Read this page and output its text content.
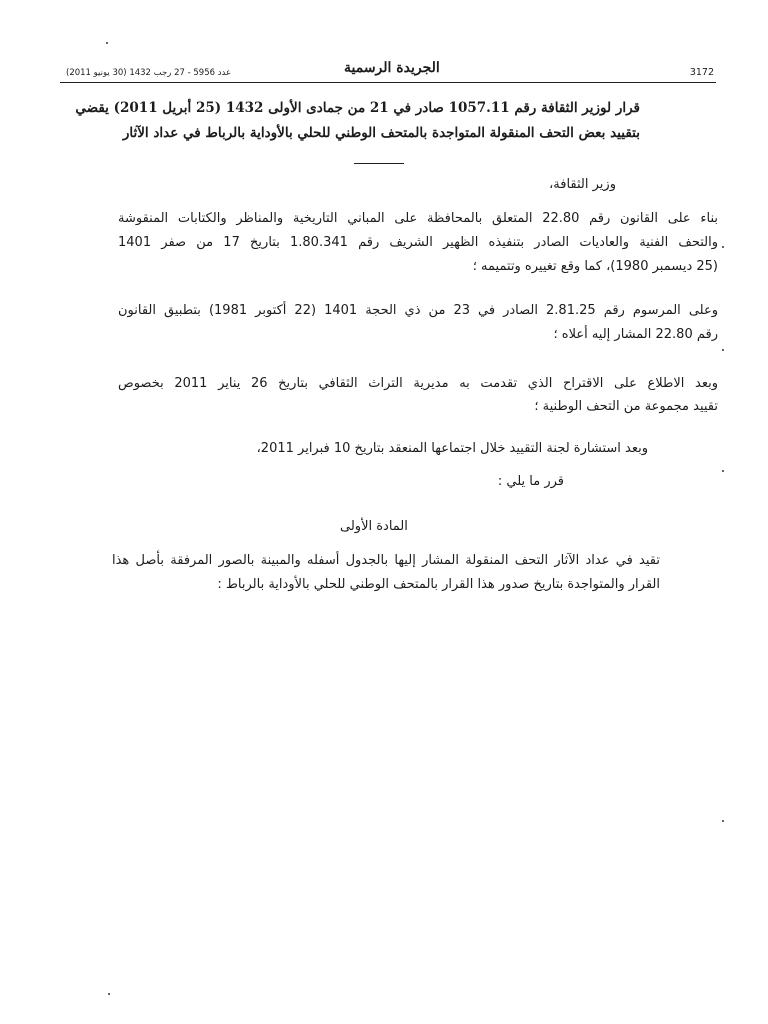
عدد 5956 - 27 رجب 1432 (30 يونيو 2011)	الجريدة الرسمية	3172
قرار لوزير الثقافة رقم 1057.11 صادر في 21 من جمادى الأولى 1432 (25 أبريل 2011) يقضي
بتقييد بعض التحف المنقولة المتواجدة بالمتحف الوطني للحلي بالأوداية بالرباط في عداد الآثار
وزير الثقافة،
بناء على القانون رقم 22.80 المتعلق بالمحافظة على المباني التاريخية والمناظر والكتابات المنقوشة
والتحف الفنية والعاديات الصادر بتنفيذه الظهير الشريف رقم 1.80.341 بتاريخ 17 من صفر 1401
(25 ديسمبر 1980)، كما وقع تغييره وتتميمه ؛
وعلى المرسوم رقم 2.81.25 الصادر في 23 من ذي الحجة 1401 (22 أكتوبر 1981) بتطبيق القانون
رقم 22.80 المشار إليه أعلاه ؛
وبعد الاطلاع على الاقتراح الذي تقدمت به مديرية التراث الثقافي بتاريخ 26 يناير 2011 بخصوص
تقييد مجموعة من التحف الوطنية ؛
وبعد استشارة لجنة التقييد خلال اجتماعها المنعقد بتاريخ 10 فبراير 2011،
قرر ما يلي :
المادة الأولى
تقيد في عداد الآثار التحف المنقولة المشار إليها بالجدول أسفله والمبينة بالصور المرفقة بأصل هذا
القرار والمتواجدة بتاريخ صدور هذا القرار بالمتحف الوطني للحلي بالأوداية بالرباط :
